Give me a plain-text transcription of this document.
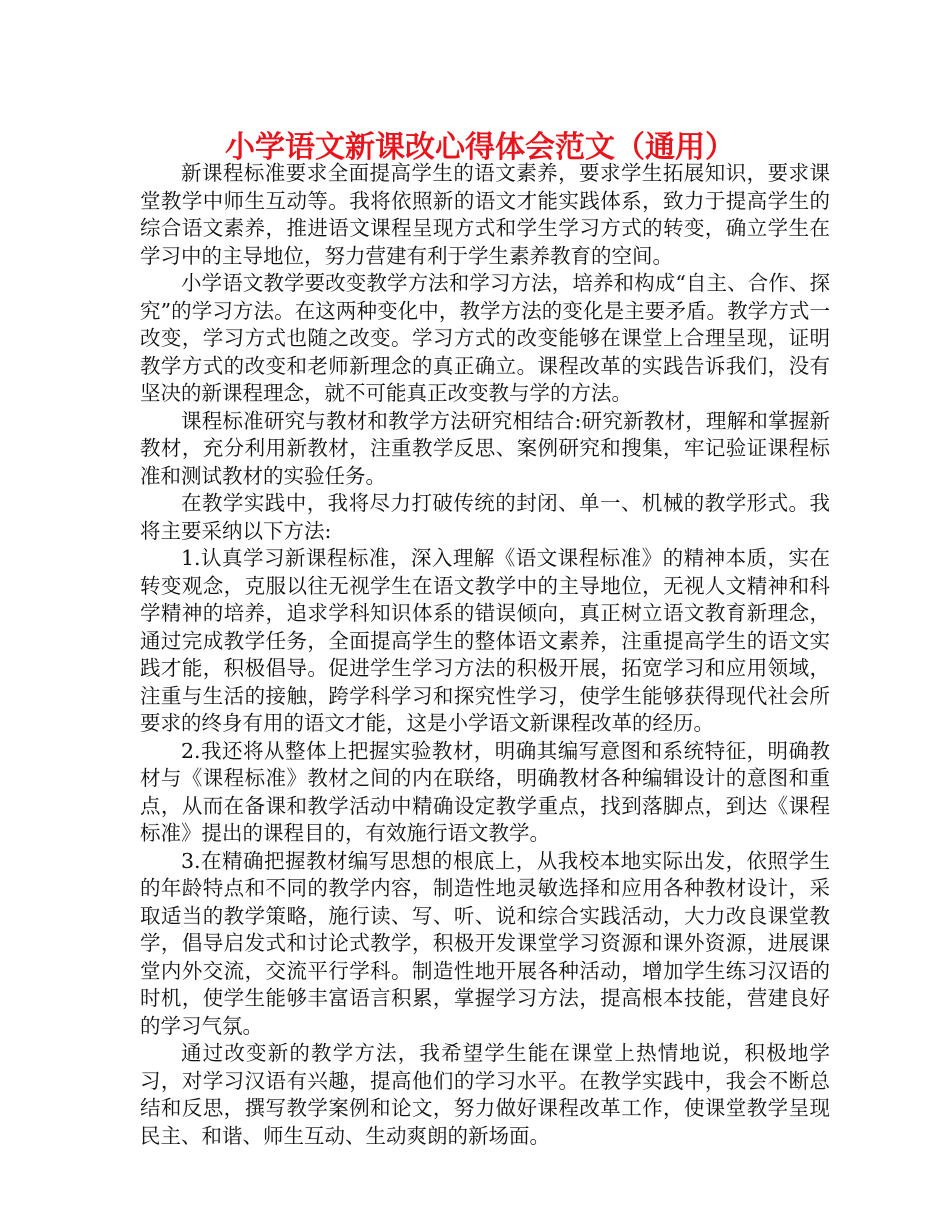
小学语文新课改心得体会范文（通用）

新课程标准要求全面提高学生的语文素养，要求学生拓展知识，要求课堂教学中师生互动等。我将依照新的语文才能实践体系，致力于提高学生的综合语文素养，推进语文课程呈现方式和学生学习方式的转变，确立学生在学习中的主导地位，努力营建有利于学生素养教育的空间。

小学语文教学要改变教学方法和学习方法，培养和构成“自主、合作、探究”的学习方法。在这两种变化中，教学方法的变化是主要矛盾。教学方式一改变，学习方式也随之改变。学习方式的改变能够在课堂上合理呈现，证明教学方式的改变和老师新理念的真正确立。课程改革的实践告诉我们，没有坚决的新课程理念，就不可能真正改变教与学的方法。

课程标准研究与教材和教学方法研究相结合:研究新教材，理解和掌握新教材，充分利用新教材，注重教学反思、案例研究和搜集，牢记验证课程标准和测试教材的实验任务。

在教学实践中，我将尽力打破传统的封闭、单一、机械的教学形式。我将主要采纳以下方法:

1.认真学习新课程标准，深入理解《语文课程标准》的精神本质，实在转变观念，克服以往无视学生在语文教学中的主导地位，无视人文精神和科学精神的培养，追求学科知识体系的错误倾向，真正树立语文教育新理念，通过完成教学任务，全面提高学生的整体语文素养，注重提高学生的语文实践才能，积极倡导。促进学生学习方法的积极开展，拓宽学习和应用领域，注重与生活的接触，跨学科学习和探究性学习，使学生能够获得现代社会所要求的终身有用的语文才能，这是小学语文新课程改革的经历。

2.我还将从整体上把握实验教材，明确其编写意图和系统特征，明确教材与《课程标准》教材之间的内在联络，明确教材各种编辑设计的意图和重点，从而在备课和教学活动中精确设定教学重点，找到落脚点，到达《课程标准》提出的课程目的，有效施行语文教学。

3.在精确把握教材编写思想的根底上，从我校本地实际出发，依照学生的年龄特点和不同的教学内容，制造性地灵敏选择和应用各种教材设计，采取适当的教学策略，施行读、写、听、说和综合实践活动，大力改良课堂教学，倡导启发式和讨论式教学，积极开发课堂学习资源和课外资源，进展课堂内外交流，交流平行学科。制造性地开展各种活动，增加学生练习汉语的时机，使学生能够丰富语言积累，掌握学习方法，提高根本技能，营建良好的学习气氛。

通过改变新的教学方法，我希望学生能在课堂上热情地说，积极地学习，对学习汉语有兴趣，提高他们的学习水平。在教学实践中，我会不断总结和反思，撰写教学案例和论文，努力做好课程改革工作，使课堂教学呈现民主、和谐、师生互动、生动爽朗的新场面。
